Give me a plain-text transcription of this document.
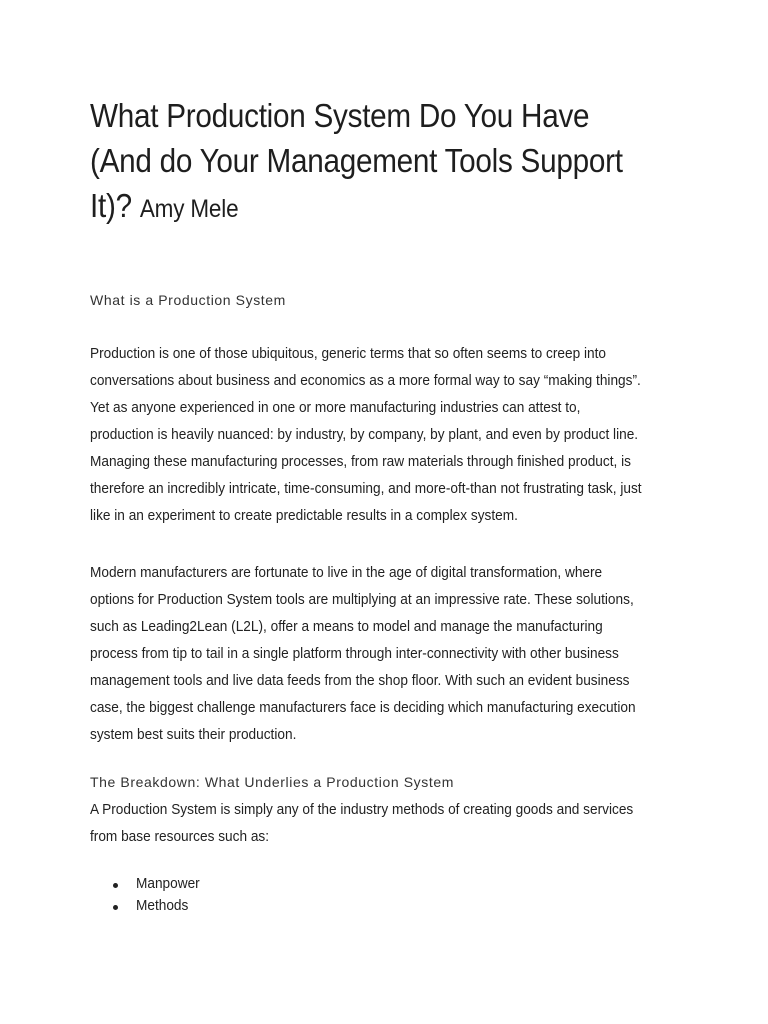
What Production System Do You Have
(And do Your Management Tools Support
It)? Amy Mele
What is a Production System

Production is one of those ubiquitous, generic terms that so often seems to creep into
conversations about business and economics as a more formal way to say “making things”.
Yet as anyone experienced in one or more manufacturing industries can attest to,
production is heavily nuanced: by industry, by company, by plant, and even by product line.
Managing these manufacturing processes, from raw materials through finished product, is
therefore an incredibly intricate, time-consuming, and more-oft-than not frustrating task, just
like in an experiment to create predictable results in a complex system.

Modern manufacturers are fortunate to live in the age of digital transformation, where
options for Production System tools are multiplying at an impressive rate. These solutions,
such as Leading2Lean (L2L), offer a means to model and manage the manufacturing
process from tip to tail in a single platform through inter-connectivity with other business
management tools and live data feeds from the shop floor. With such an evident business
case, the biggest challenge manufacturers face is deciding which manufacturing execution
system best suits their production.

The Breakdown: What Underlies a Production System

A Production System is simply any of the industry methods of creating goods and services
from base resources such as:

Manpower
Methods
